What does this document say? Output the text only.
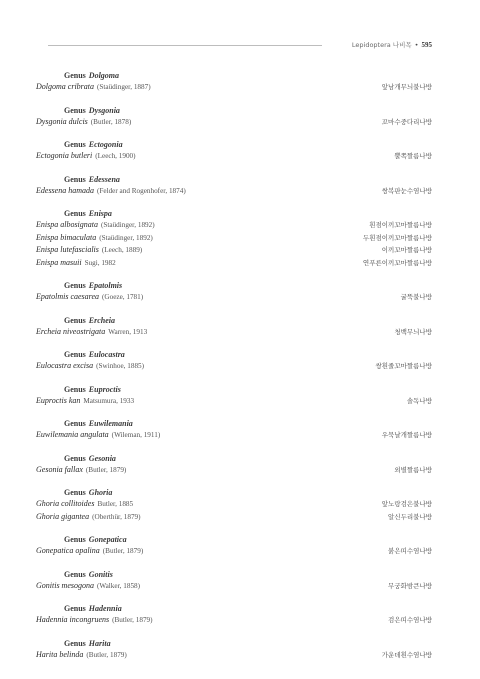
Lepidoptera 나비목 • 595
Genus Dolgoma
Dolgoma cribrata (Staüdinger, 1887)	앞남개무늬불나방
Genus Dysgonia
Dysgonia dulcis (Butler, 1878)	꼬마수중다리나방
Genus Ectogonia
Ectogonia butleri (Leech, 1900)	뿔쪽짤름나방
Genus Edessena
Edessena hamada (Felder and Rogenhofer, 1874)	쌍복판눈수염나방
Genus Enispa
Enispa albosignata (Staüdinger, 1892)	흰점이끼꼬마짤름나방
Enispa bimaculata (Staüdinger, 1892)	두흰점이끼꼬마짤름나방
Enispa lutefascialis (Leech, 1889)	이끼꼬마짤름나방
Enispa masuii Sugi, 1982	연푸른이끼꼬마짤름나방
Genus Epatolmis
Epatolmis caesarea (Goeze, 1781)	굴뚝불나방
Genus Ercheia
Ercheia niveostrigata Warren, 1913	청백무늬나방
Genus Eulocastra
Eulocastra excisa (Swinhoe, 1885)	쌍흰줄꼬마짤름나방
Genus Euproctis
Euproctis kan Matsumura, 1933	솔독나방
Genus Euwilemania
Euwilemania angulata (Wileman, 1911)	우묵날개짤름나방
Genus Gesonia
Gesonia fallax (Butler, 1879)	외별짤름나방
Genus Ghoria
Ghoria collitoides Butler, 1885	앞노랑검은불나방
Ghoria gigantea (Oberthür, 1879)	알신두리불나방
Genus Gonepatica
Gonepatica opalina (Butler, 1879)	붉은띠수염나방
Genus Gonitis
Gonitis mesogona (Walker, 1858)	무궁화밤큰나방
Genus Hadennia
Hadennia incongruens (Butler, 1879)	검은띠수염나방
Genus Harita
Harita belinda (Butler, 1879)	가운데흰수염나방
